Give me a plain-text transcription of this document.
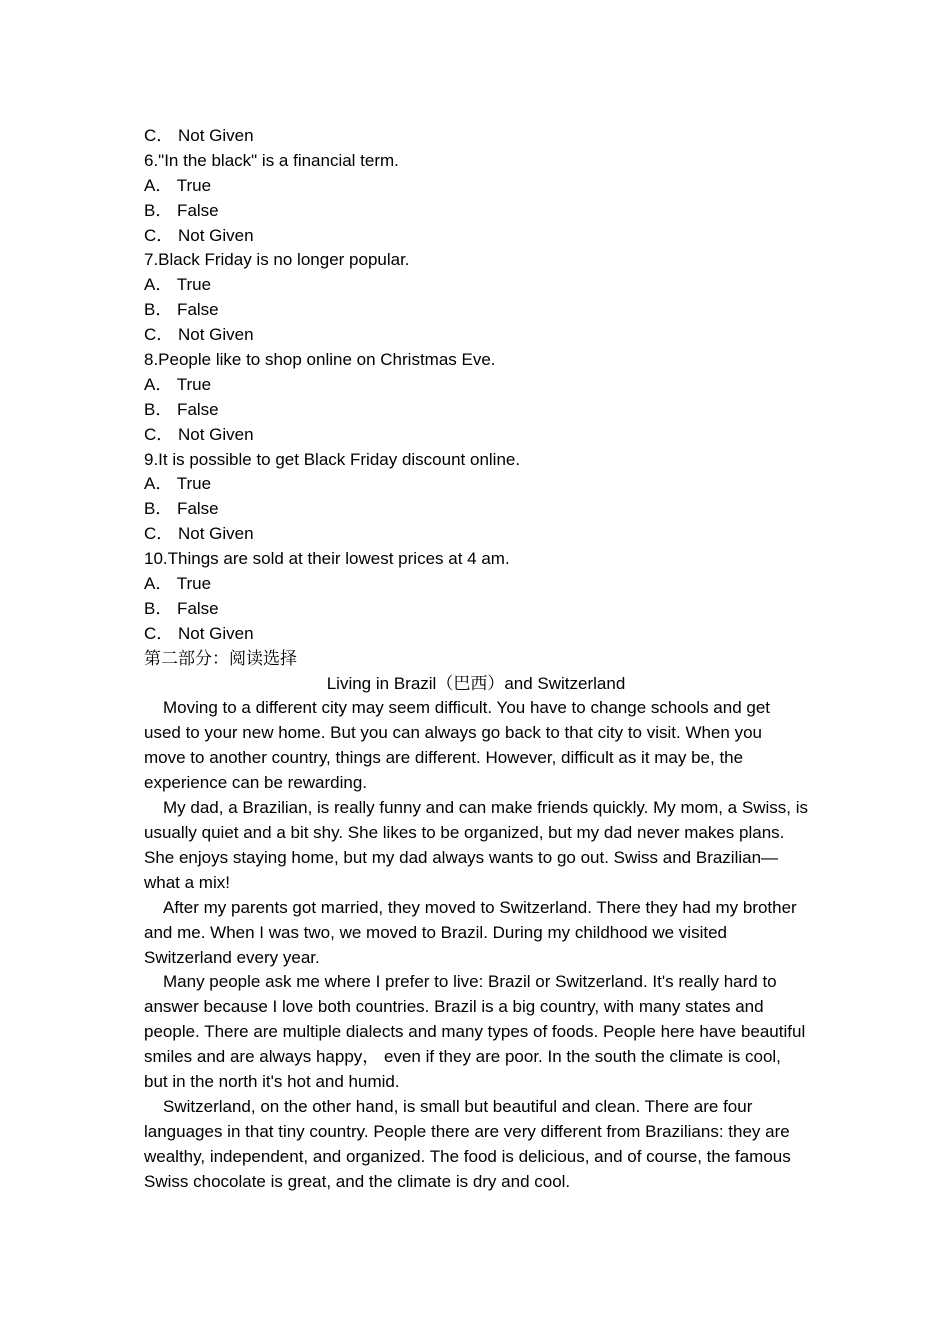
C． Not Given
6."In the black" is a financial term.
A． True
B． False
C． Not Given
7.Black Friday is no longer popular.
A． True
B． False
C． Not Given
8.People like to shop online on Christmas Eve.
A． True
B． False
C． Not Given
9.It is possible to get Black Friday discount online.
A． True
B． False
C． Not Given
10.Things are sold at their lowest prices at 4 am.
A． True
B． False
C． Not Given
第二部分：阅读选择
Living in Brazil（巴西）and Switzerland

Moving to a different city may seem difficult. You have to change schools and get used to your new home. But you can always go back to that city to visit. When you move to another country, things are different. However, difficult as it may be, the experience can be rewarding.

My dad, a Brazilian, is really funny and can make friends quickly. My mom, a Swiss, is usually quiet and a bit shy. She likes to be organized, but my dad never makes plans. She enjoys staying home, but my dad always wants to go out. Swiss and Brazilian—what a mix!

After my parents got married, they moved to Switzerland. There they had my brother and me. When I was two, we moved to Brazil. During my childhood we visited Switzerland every year.

Many people ask me where I prefer to live: Brazil or Switzerland. It's really hard to answer because I love both countries. Brazil is a big country, with many states and people. There are multiple dialects and many types of foods. People here have beautiful smiles and are always happy， even if they are poor. In the south the climate is cool, but in the north it's hot and humid.

Switzerland, on the other hand, is small but beautiful and clean. There are four languages in that tiny country. People there are very different from Brazilians: they are wealthy, independent, and organized. The food is delicious, and of course, the famous Swiss chocolate is great, and the climate is dry and cool.
